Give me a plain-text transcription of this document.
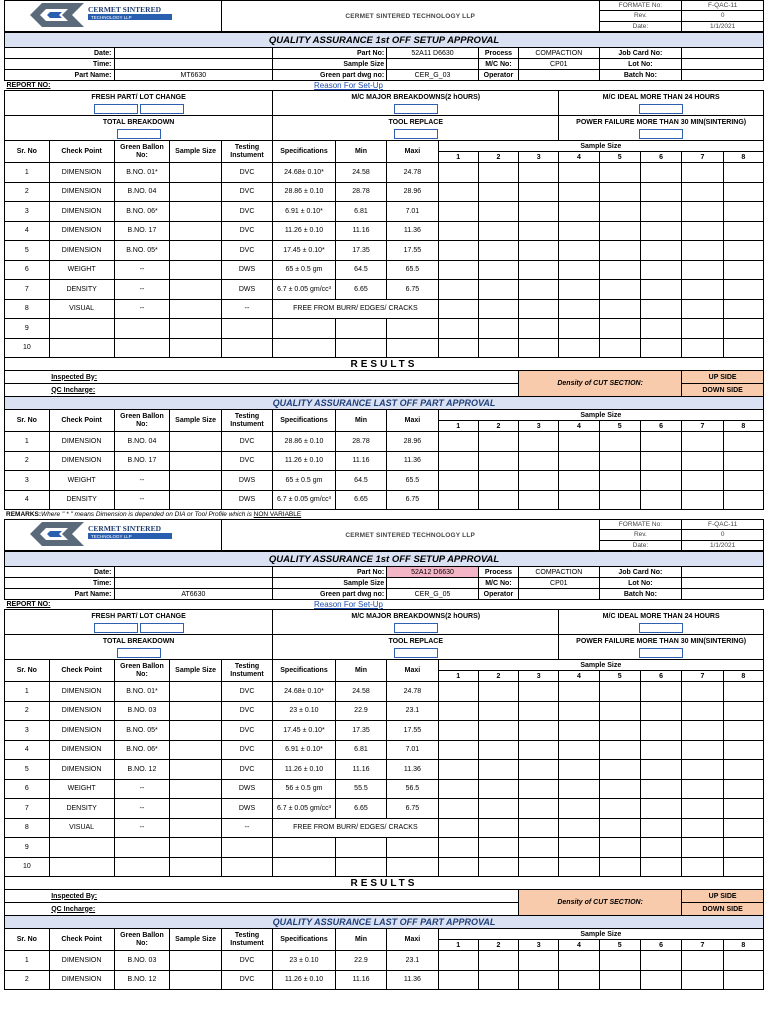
CERMET SINTERED
TECHNOLOGY LLP	CERMET SINTERED TECHNOLOGY LLP	FORMATE No:	F-QAC-11
		Rev.	0
		Date:	1/1/2021
QUALITY ASSURANCE 1st OFF SETUP APPROVAL															
Date:					Part No:		52A11 D6630		Process	COMPACTION		Job Card No:			
Time:					Sample Size				M/C No:	CP01		Lot No:			
Part Name:		MT6630			Green part dwg no:		CER_G_03		Operator			Batch No:			
REPORT NO:		Reason For Set-Up													
FRESH PART/ LOT CHANGE					M/C MAJOR BREAKDOWNS(2 hOURS)						M/C IDEAL MORE THAN 24 HOURS				

TOTAL BREAKDOWN					TOOL REPLACE						POWER FAILURE MORE THAN 30 MIN(SINTERING)				

Sr. No	Check Point	Green Ballon No:	Sample Size	Testing Instument	Specifications	Min	Maxi	Sample Size							
								1	2	3	4	5	6	7	8
1	DIMENSION	B.NO. 01*		DVC	24.68± 0.10*	24.58	24.78								
2	DIMENSION	B.NO. 04		DVC	28.86 ± 0.10	28.78	28.96								
3	DIMENSION	B.NO. 06*		DVC	6.91 ± 0.10*	6.81	7.01								
4	DIMENSION	B.NO. 17		DVC	11.26 ± 0.10	11.16	11.36								
5	DIMENSION	B.NO. 05*		DVC	17.45 ± 0.10*	17.35	17.55								
6	WEIGHT	--		DWS	65 ± 0.5 gm	64.5	65.5								
7	DENSITY	--		DWS	6.7 ± 0.05 gm/cc³	6.65	6.75								
8	VISUAL	--		--	FREE FROM BURR/ EDGES/ CRACKS										
9															
10															
RESULTS															
	Inspected By:									Density of CUT SECTION:				UP SIDE	
	QC Incharge:													DOWN SIDE	
QUALITY ASSURANCE LAST OFF PART APPROVAL															
Sr. No	Check Point	Green Ballon No:	Sample Size	Testing Instument	Specifications	Min	Maxi	Sample Size							
								1	2	3	4	5	6	7	8
1	DIMENSION	B.NO. 04		DVC	28.86 ± 0.10	28.78	28.96								
2	DIMENSION	B.NO. 17		DVC	11.26 ± 0.10	11.16	11.36								
3	WEIGHT	--		DWS	65 ± 0.5 gm	64.5	65.5								
4	DENSITY	--		DWS	6.7 ± 0.05 gm/cc³	6.65	6.75								
REMARKS:Where " * " means Dimension is depended on DIA or Tool Profile which is NON VARIABLE
CERMET SINTERED
TECHNOLOGY LLP	CERMET SINTERED TECHNOLOGY LLP	FORMATE No:	F-QAC-11
		Rev.	0
		Date:	1/1/2021
QUALITY ASSURANCE 1st OFF SETUP APPROVAL															
Date:					Part No:		52A12 D6630		Process	COMPACTION		Job Card No:			
Time:					Sample Size				M/C No:	CP01		Lot No:			
Part Name:		AT6630			Green part dwg no:		CER_G_05		Operator			Batch No:			
REPORT NO:		Reason For Set-Up													
FRESH PART/ LOT CHANGE					M/C MAJOR BREAKDOWNS(2 hOURS)						M/C IDEAL MORE THAN 24 HOURS				

TOTAL BREAKDOWN					TOOL REPLACE						POWER FAILURE MORE THAN 30 MIN(SINTERING)				

Sr. No	Check Point	Green Ballon No:	Sample Size	Testing Instument	Specifications	Min	Maxi	Sample Size							
								1	2	3	4	5	6	7	8
1	DIMENSION	B.NO. 01*		DVC	24.68± 0.10*	24.58	24.78								
2	DIMENSION	B.NO. 03		DVC	23 ± 0.10	22.9	23.1								
3	DIMENSION	B.NO. 05*		DVC	17.45 ± 0.10*	17.35	17.55								
4	DIMENSION	B.NO. 06*		DVC	6.91 ± 0.10*	6.81	7.01								
5	DIMENSION	B.NO. 12		DVC	11.26 ± 0.10	11.16	11.36								
6	WEIGHT	--		DWS	56 ± 0.5 gm	55.5	56.5								
7	DENSITY	--		DWS	6.7 ± 0.05 gm/cc³	6.65	6.75								
8	VISUAL	--		--	FREE FROM BURR/ EDGES/ CRACKS										
9															
10															
RESULTS															
	Inspected By:									Density of CUT SECTION:				UP SIDE	
	QC Incharge:													DOWN SIDE	
QUALITY ASSURANCE LAST OFF PART APPROVAL															
Sr. No	Check Point	Green Ballon No:	Sample Size	Testing Instument	Specifications	Min	Maxi	Sample Size							
								1	2	3	4	5	6	7	8
1	DIMENSION	B.NO. 03		DVC	23 ± 0.10	22.9	23.1								
2	DIMENSION	B.NO. 12		DVC	11.26 ± 0.10	11.16	11.36								
